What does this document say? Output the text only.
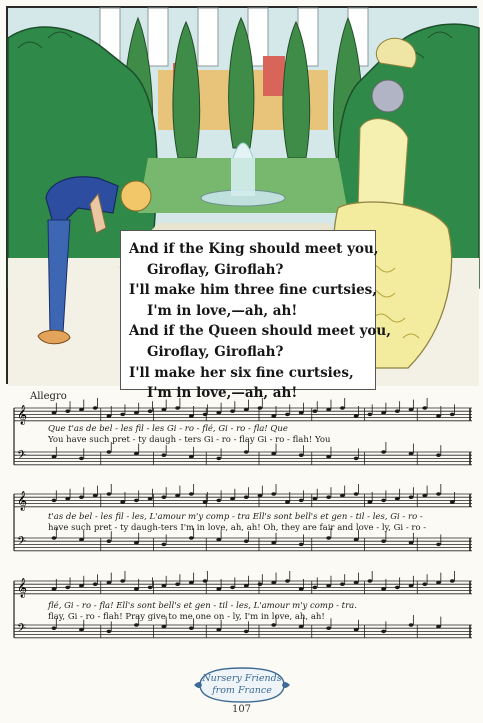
And if the King should meet you,
Giroflay, Giroflah?
I'll make him three fine curtsies,
I'm in love,—ah, ah!
And if the Queen should meet you,
Giroflay, Giroflah?
I'll make her six fine curtsies,
I'm in love,—ah, ah!
Allegro
𝄞
𝄢
Que t'as de bel - les fil - les Gi - ro - flé, Gi - ro - fla! Que
You have such pret - ty daugh - ters Gi - ro - flay Gi - ro - flah! You
𝄞
𝄢
t'as de bel - les fil - les, L'amour m'y comp - tra Ell's sont bell's et gen - til - les, Gi - ro -
have such pret - ty daugh-ters I'm in love, ah, ah! Oh, they are fair and love - ly, Gi - ro -
𝄞
𝄢
flé, Gi - ro - fla! Ell's sont bell's et gen - til - les, L'amour m'y comp - tra.
flay, Gi - ro - flah! Pray give to me one on - ly, I'm in love, ah, ah!
Nursery Friends
from France
107
